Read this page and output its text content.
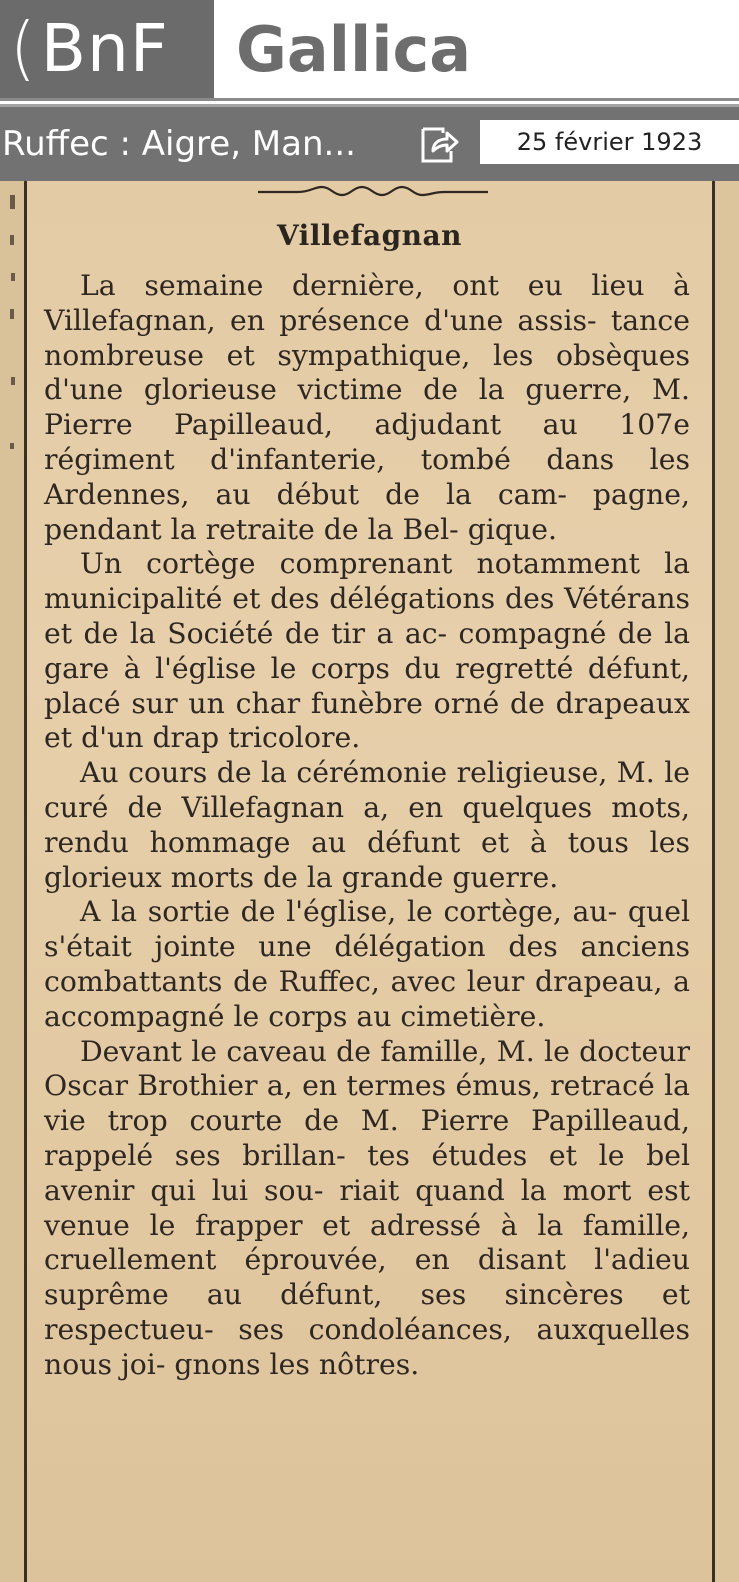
(BnF	Gallica
Ruffec : Aigre, Man...	25 février 1923
Villefagnan

La semaine dernière, ont eu lieu à Villefagnan, en présence d'une assis- tance nombreuse et sympathique, les obsèques d'une glorieuse victime de la guerre, M. Pierre Papilleaud, adjudant au 107e régiment d'infanterie, tombé dans les Ardennes, au début de la cam- pagne, pendant la retraite de la Bel- gique.

Un cortège comprenant notamment la municipalité et des délégations des Vétérans et de la Société de tir a ac- compagné de la gare à l'église le corps du regretté défunt, placé sur un char funèbre orné de drapeaux et d'un drap tricolore.

Au cours de la cérémonie religieuse, M. le curé de Villefagnan a, en quelques mots, rendu hommage au défunt et à tous les glorieux morts de la grande guerre.

A la sortie de l'église, le cortège, au- quel s'était jointe une délégation des anciens combattants de Ruffec, avec leur drapeau, a accompagné le corps au cimetière.

Devant le caveau de famille, M. le docteur Oscar Brothier a, en termes émus, retracé la vie trop courte de M. Pierre Papilleaud, rappelé ses brillan- tes études et le bel avenir qui lui sou- riait quand la mort est venue le frapper et adressé à la famille, cruellement éprouvée, en disant l'adieu suprême au défunt, ses sincères et respectueu- ses condoléances, auxquelles nous joi- gnons les nôtres.
